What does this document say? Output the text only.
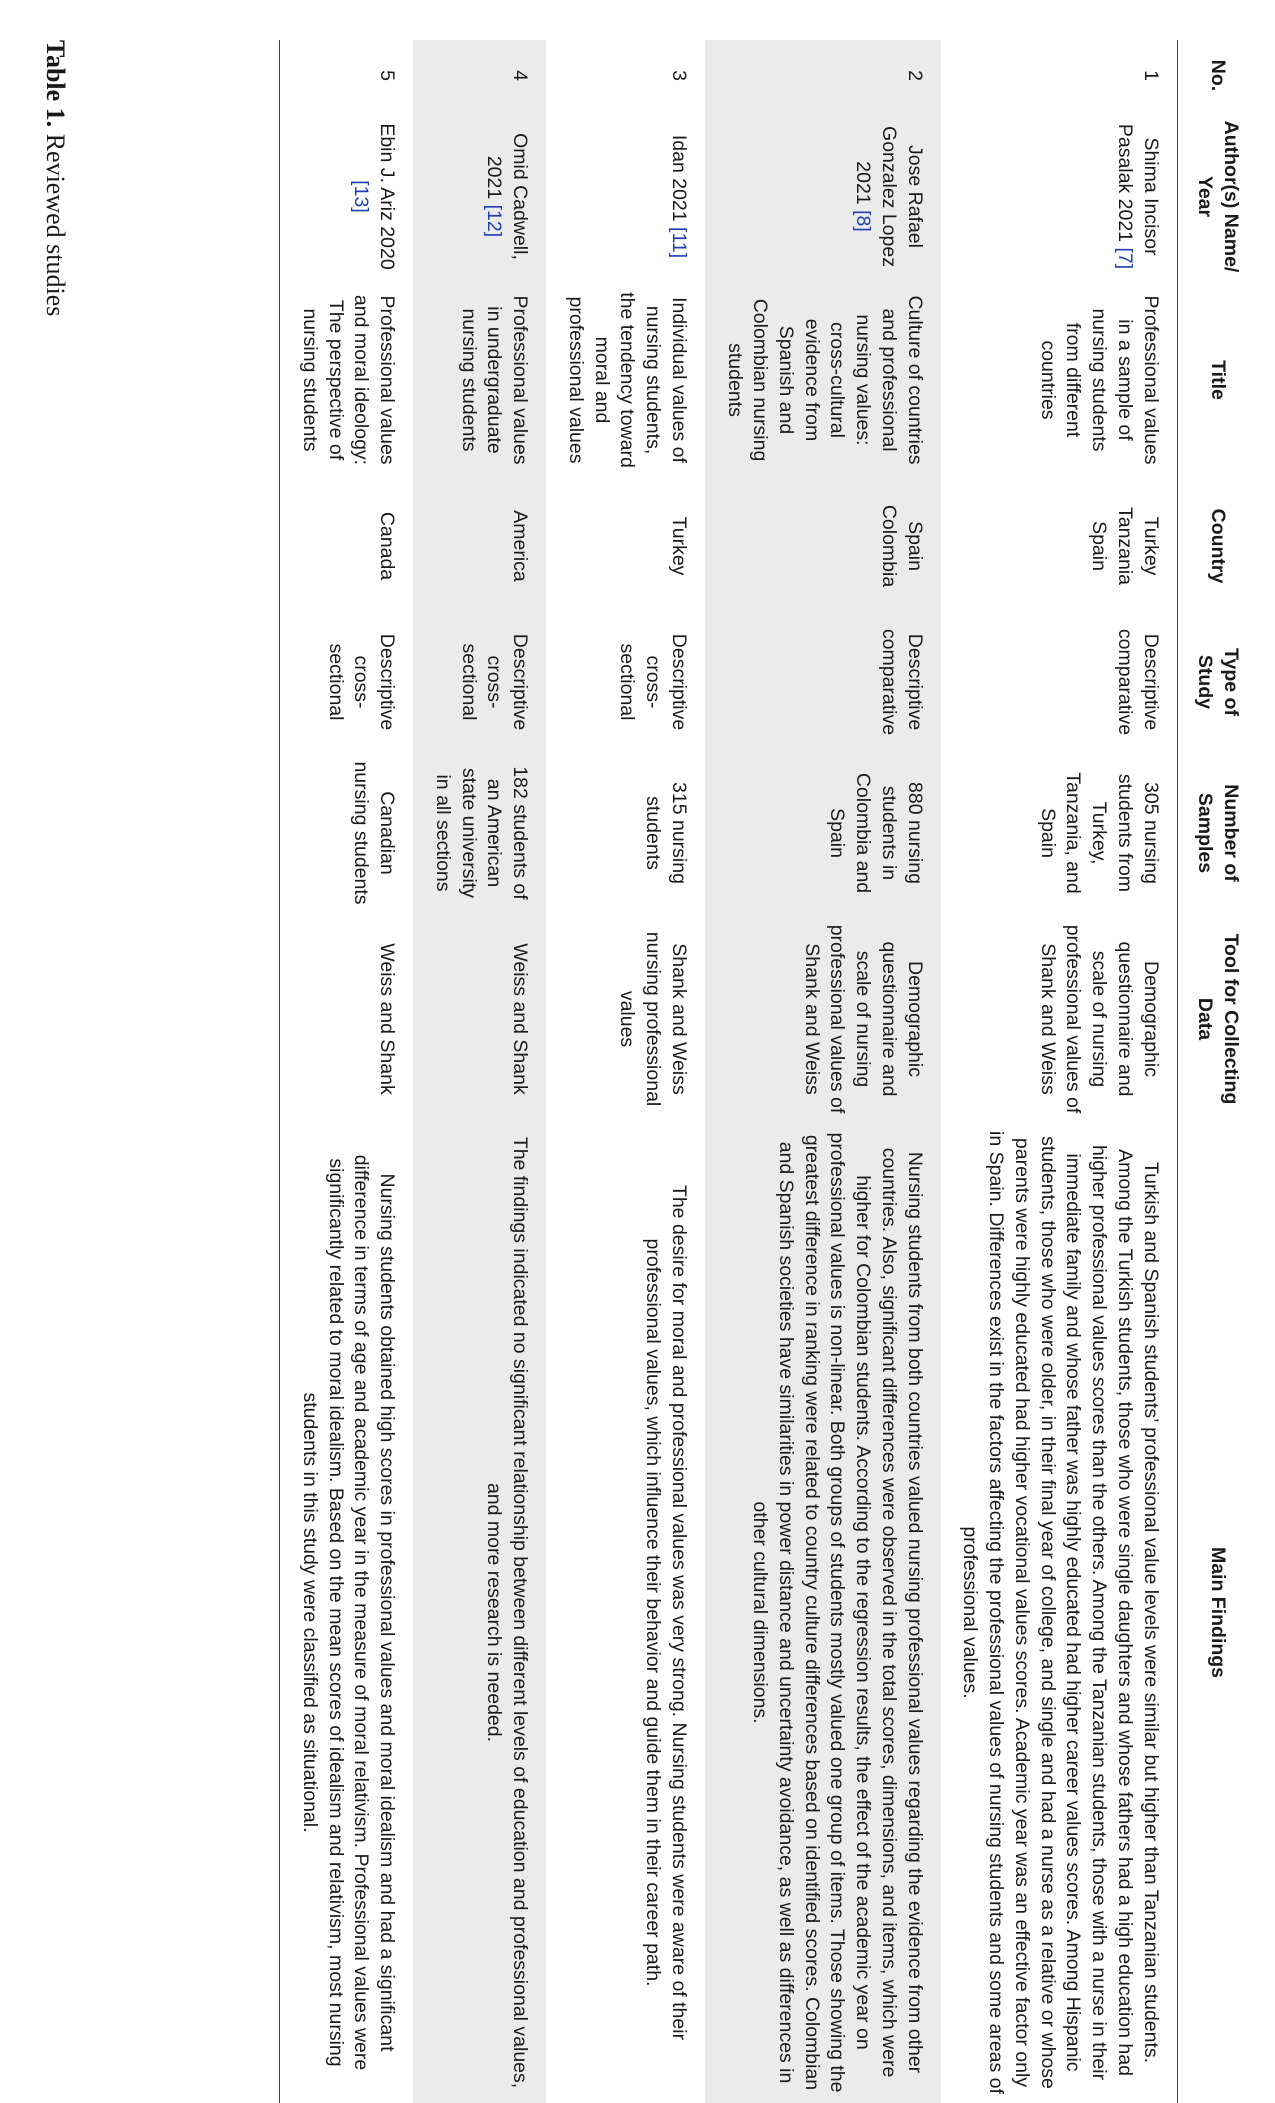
No.	Author(s) Name/ Year	Title	Country	Type of Study	Number of Samples	Tool for Collecting Data	Main Findings
1	Shima Incisor Pasalak 2021 [7]	Professional values in a sample of nursing students from different countries	Turkey Tanzania Spain	Descriptive comparative	305 nursing students from Turkey, Tanzania, and Spain	Demographic questionnaire and scale of nursing professional values of Shank and Weiss	Turkish and Spanish students’ professional value levels were similar but higher than Tanzanian students. Among the Turkish students, those who were single daughters and whose fathers had a high education had higher professional values scores than the others. Among the Tanzanian students, those with a nurse in their immediate family and whose father was highly educated had higher career values scores. Among Hispanic students, those who were older, in their final year of college, and single and had a nurse as a relative or whose parents were highly educated had higher vocational values scores. Academic year was an effective factor only in Spain. Differences exist in the factors affecting the professional values of nursing students and some areas of professional values.
2	Jose Rafael Gonzalez Lopez 2021 [8]	Culture of countries and professional nursing values: cross-cultural evidence from Spanish and Colombian nursing students	Spain Colombia	Descriptive comparative	880 nursing students in Colombia and Spain	Demographic questionnaire and scale of nursing professional values of Shank and Weiss	Nursing students from both countries valued nursing professional values regarding the evidence from other countries. Also, significant differences were observed in the total scores, dimensions, and items, which were higher for Colombian students. According to the regression results, the effect of the academic year on professional values is non-linear. Both groups of students mostly valued one group of items. Those showing the greatest difference in ranking were related to country culture differences based on identified scores. Colombian and Spanish societies have similarities in power distance and uncertainty avoidance, as well as differences in other cultural dimensions.
3	Idan 2021 [11]	Individual values of nursing students, the tendency toward moral and professional values	Turkey	Descriptive cross-sectional	315 nursing students	Shank and Weiss nursing professional values	The desire for moral and professional values was very strong. Nursing students were aware of their professional values, which influence their behavior and guide them in their career path.
4	Omid Cadwell, 2021 [12]	Professional values in undergraduate nursing students	America	Descriptive cross-sectional	182 students of an American state university in all sections	Weiss and Shank	The findings indicated no significant relationship between different levels of education and professional values, and more research is needed.
5	Ebin J. Ariz 2020 [13]	Professional values and moral ideology: The perspective of nursing students	Canada	Descriptive cross-sectional	Canadian nursing students	Weiss and Shank	Nursing students obtained high scores in professional values and moral idealism and had a significant difference in terms of age and academic year in the measure of moral relativism. Professional values were significantly related to moral idealism. Based on the mean scores of idealism and relativism, most nursing students in this study were classified as situational.
Table 1. Reviewed studies
